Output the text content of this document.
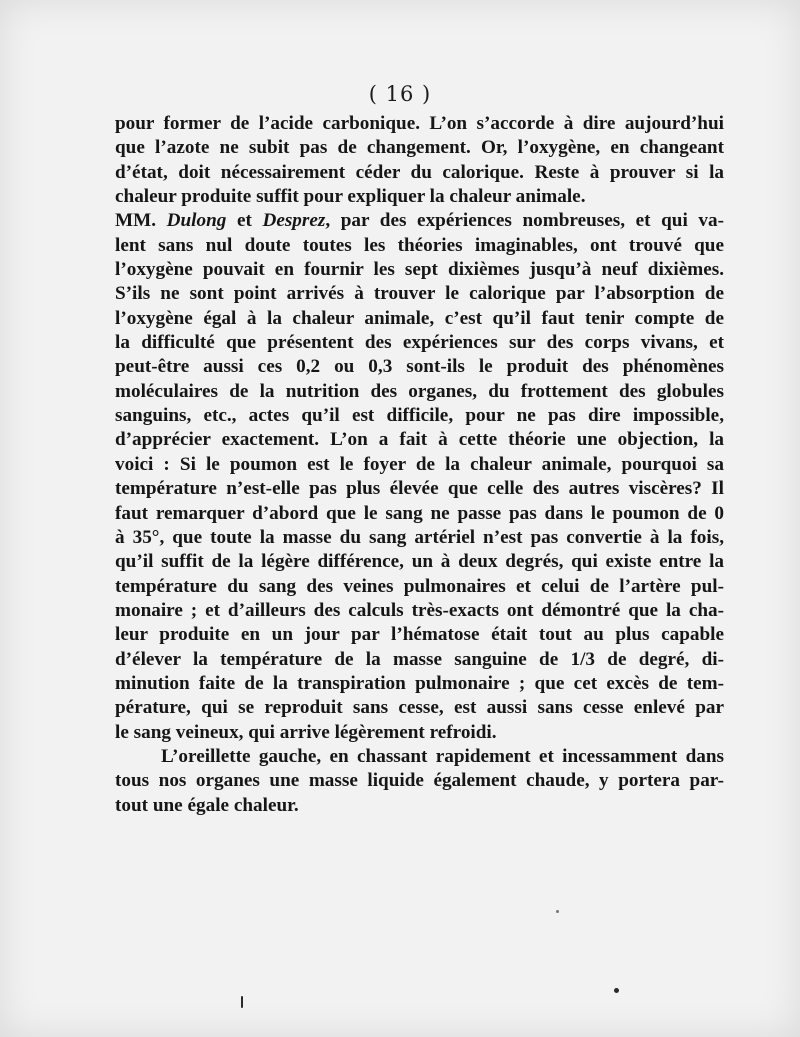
( 16 )
pour former de l’acide carbonique. L’on s’accorde à dire aujourd’hui
que l’azote ne subit pas de changement. Or, l’oxygène, en changeant
d’état, doit nécessairement céder du calorique. Reste à prouver si la
chaleur produite suffit pour expliquer la chaleur animale.
MM. Dulong et Desprez, par des expériences nombreuses, et qui va-
lent sans nul doute toutes les théories imaginables, ont trouvé que
l’oxygène pouvait en fournir les sept dixièmes jusqu’à neuf dixièmes.
S’ils ne sont point arrivés à trouver le calorique par l’absorption de
l’oxygène égal à la chaleur animale, c’est qu’il faut tenir compte de
la difficulté que présentent des expériences sur des corps vivans, et
peut-être aussi ces 0,2 ou 0,3 sont-ils le produit des phénomènes
moléculaires de la nutrition des organes, du frottement des globules
sanguins, etc., actes qu’il est difficile, pour ne pas dire impossible,
d’apprécier exactement. L’on a fait à cette théorie une objection, la
voici : Si le poumon est le foyer de la chaleur animale, pourquoi sa
température n’est-elle pas plus élevée que celle des autres viscères? Il
faut remarquer d’abord que le sang ne passe pas dans le poumon de 0
à 35°, que toute la masse du sang artériel n’est pas convertie à la fois,
qu’il suffit de la légère différence, un à deux degrés, qui existe entre la
température du sang des veines pulmonaires et celui de l’artère pul-
monaire ; et d’ailleurs des calculs très-exacts ont démontré que la cha-
leur produite en un jour par l’hématose était tout au plus capable
d’élever la température de la masse sanguine de 1/3 de degré, di-
minution faite de la transpiration pulmonaire ; que cet excès de tem-
pérature, qui se reproduit sans cesse, est aussi sans cesse enlevé par
le sang veineux, qui arrive légèrement refroidi.
L’oreillette gauche, en chassant rapidement et incessamment dans
tous nos organes une masse liquide également chaude, y portera par-
tout une égale chaleur.
